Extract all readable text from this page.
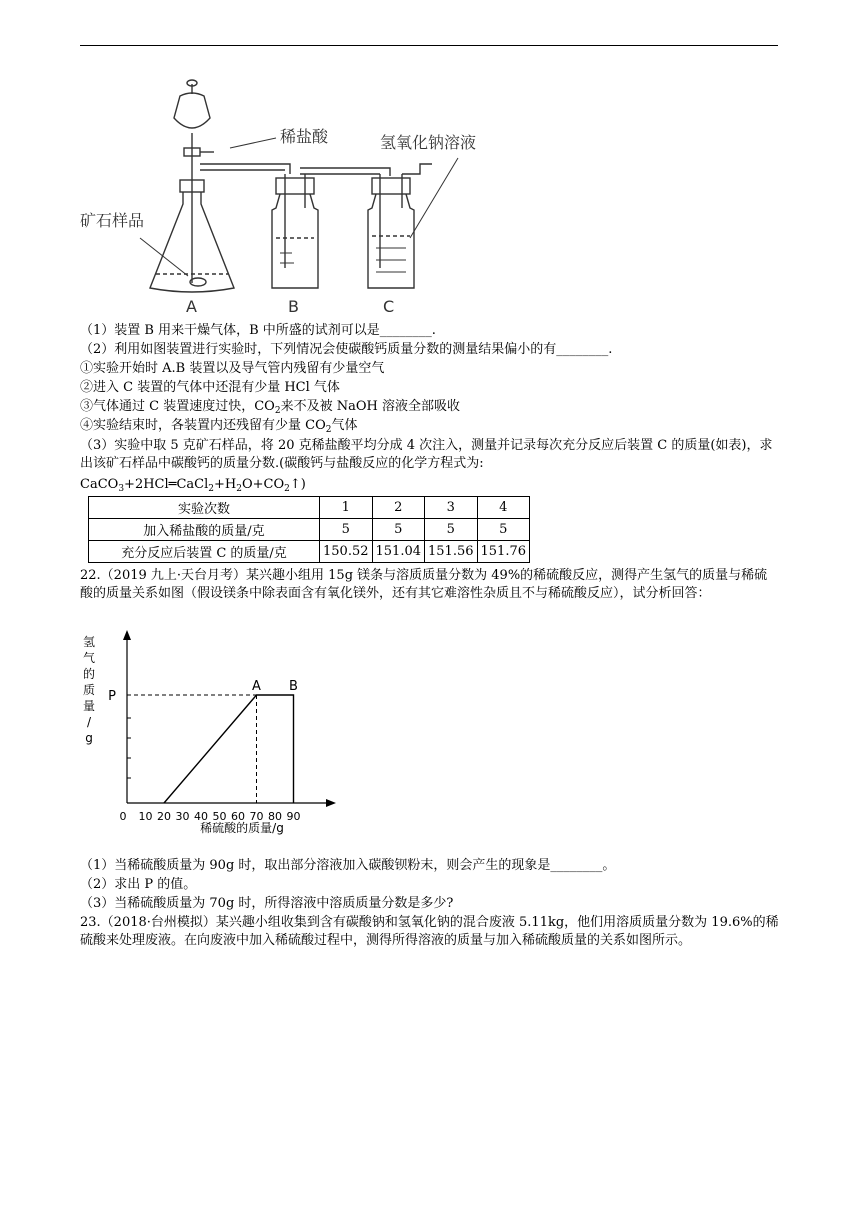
稀盐酸	氢氧化钠溶液
矿石样品
A	B	C
（1）装置 B 用来干燥气体，B 中所盛的试剂可以是________.
（2）利用如图装置进行实验时，下列情况会使碳酸钙质量分数的测量结果偏小的有________.
①实验开始时 A.B 装置以及导气管内残留有少量空气
②进入 C 装置的气体中还混有少量 HCl 气体
③气体通过 C 装置速度过快，$CO_2$来不及被 NaOH 溶液全部吸收
④实验结束时，各装置内还残留有少量 $CO_2$气体
（3）实验中取 5 克矿石样品，将 20 克稀盐酸平均分成 4 次注入，测量并记录每次充分反应后装置 C 的质量(如表)，求出该矿石样品中碳酸钙的质量分数.(碳酸钙与盐酸反应的化学方程式为:
$CaCO_3+2HCl═CaCl_2+H_2O+CO_2↑$)
实验次数	1	2	3	4
加入稀盐酸的质量/克	5	5	5	5
充分反应后装置 C 的质量/克	150.52	151.04	151.56	151.76
22.（2019 九上·天台月考）某兴趣小组用 15g 镁条与溶质质量分数为 49%的稀硫酸反应，测得产生氢气的质量与稀硫酸的质量关系如图（假设镁条中除表面含有氧化镁外，还有其它难溶性杂质且不与稀硫酸反应），试分析回答：
氢
气
的
质
量
/
g
0 10 20 30 40 50 60 70 80 90
P
A B
稀硫酸的质量/g
（1）当稀硫酸质量为 90g 时，取出部分溶液加入碳酸钡粉末，则会产生的现象是________。
（2）求出 P 的值。
（3）当稀硫酸质量为 70g 时，所得溶液中溶质质量分数是多少?
23.（2018·台州模拟）某兴趣小组收集到含有碳酸钠和氢氧化钠的混合废液 5.11kg，他们用溶质质量分数为 19.6%的稀硫酸来处理废液。在向废液中加入稀硫酸过程中，测得所得溶液的质量与加入稀硫酸质量的关系如图所示。
